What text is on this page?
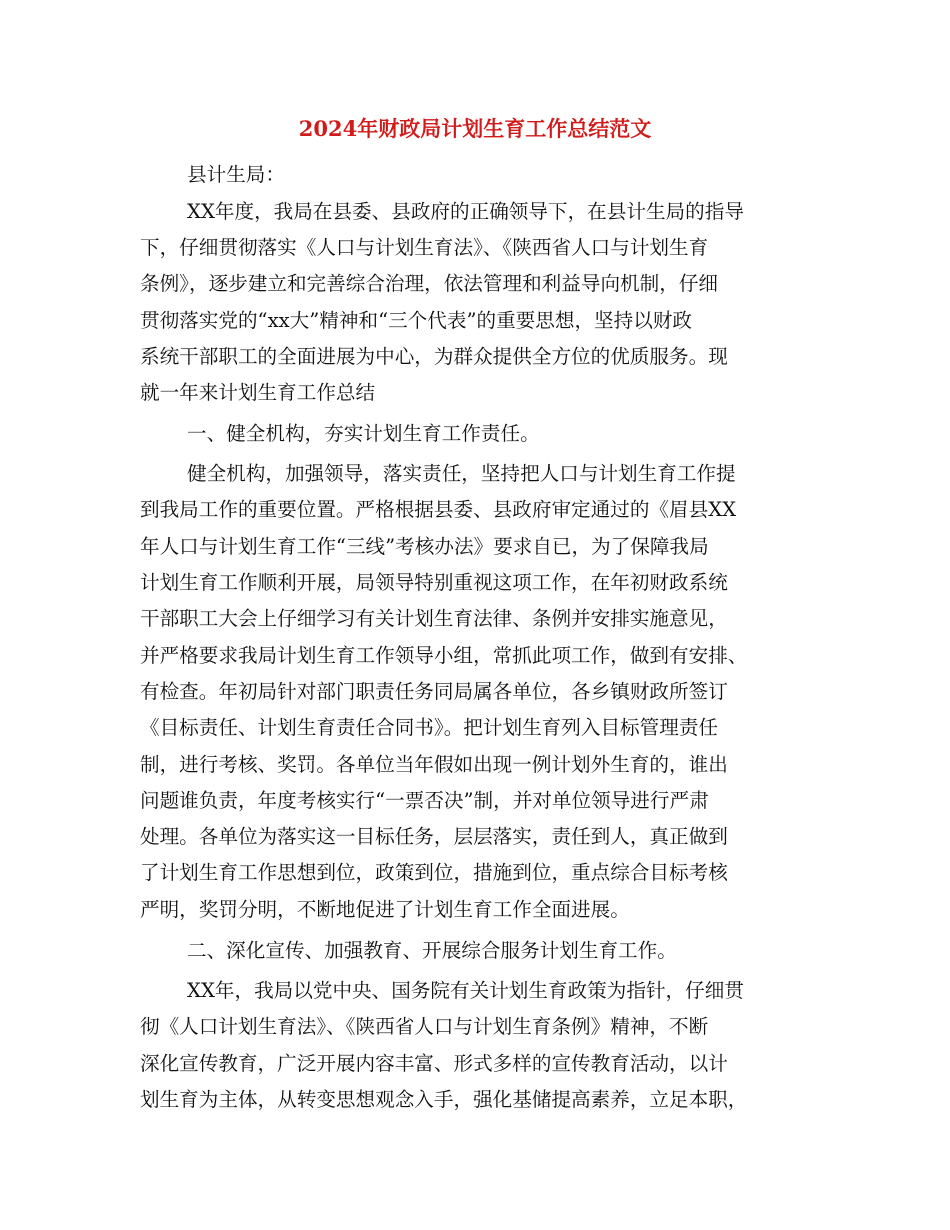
2024年财政局计划生育工作总结范文
县计生局：
XX年度，我局在县委、县政府的正确领导下，在县计生局的指导
下，仔细贯彻落实《人口与计划生育法》、《陕西省人口与计划生育
条例》，逐步建立和完善综合治理，依法管理和利益导向机制，仔细
贯彻落实党的“xx大”精神和“三个代表”的重要思想，坚持以财政
系统干部职工的全面进展为中心，为群众提供全方位的优质服务。现
就一年来计划生育工作总结
一、健全机构，夯实计划生育工作责任。
健全机构，加强领导，落实责任，坚持把人口与计划生育工作提
到我局工作的重要位置。严格根据县委、县政府审定通过的《眉县XX
年人口与计划生育工作“三线”考核办法》要求自已，为了保障我局
计划生育工作顺利开展，局领导特别重视这项工作，在年初财政系统
干部职工大会上仔细学习有关计划生育法律、条例并安排实施意见，
并严格要求我局计划生育工作领导小组，常抓此项工作，做到有安排、
有检查。年初局针对部门职责任务同局属各单位，各乡镇财政所签订
《目标责任、计划生育责任合同书》。把计划生育列入目标管理责任
制，进行考核、奖罚。各单位当年假如出现一例计划外生育的，谁出
问题谁负责，年度考核实行“一票否决”制，并对单位领导进行严肃
处理。各单位为落实这一目标任务，层层落实，责任到人，真正做到
了计划生育工作思想到位，政策到位，措施到位，重点综合目标考核
严明，奖罚分明，不断地促进了计划生育工作全面进展。
二、深化宣传、加强教育、开展综合服务计划生育工作。
XX年，我局以党中央、国务院有关计划生育政策为指针，仔细贯
彻《人口计划生育法》、《陕西省人口与计划生育条例》精神，不断
深化宣传教育，广泛开展内容丰富、形式多样的宣传教育活动，以计
划生育为主体，从转变思想观念入手，强化基储提高素养，立足本职，
